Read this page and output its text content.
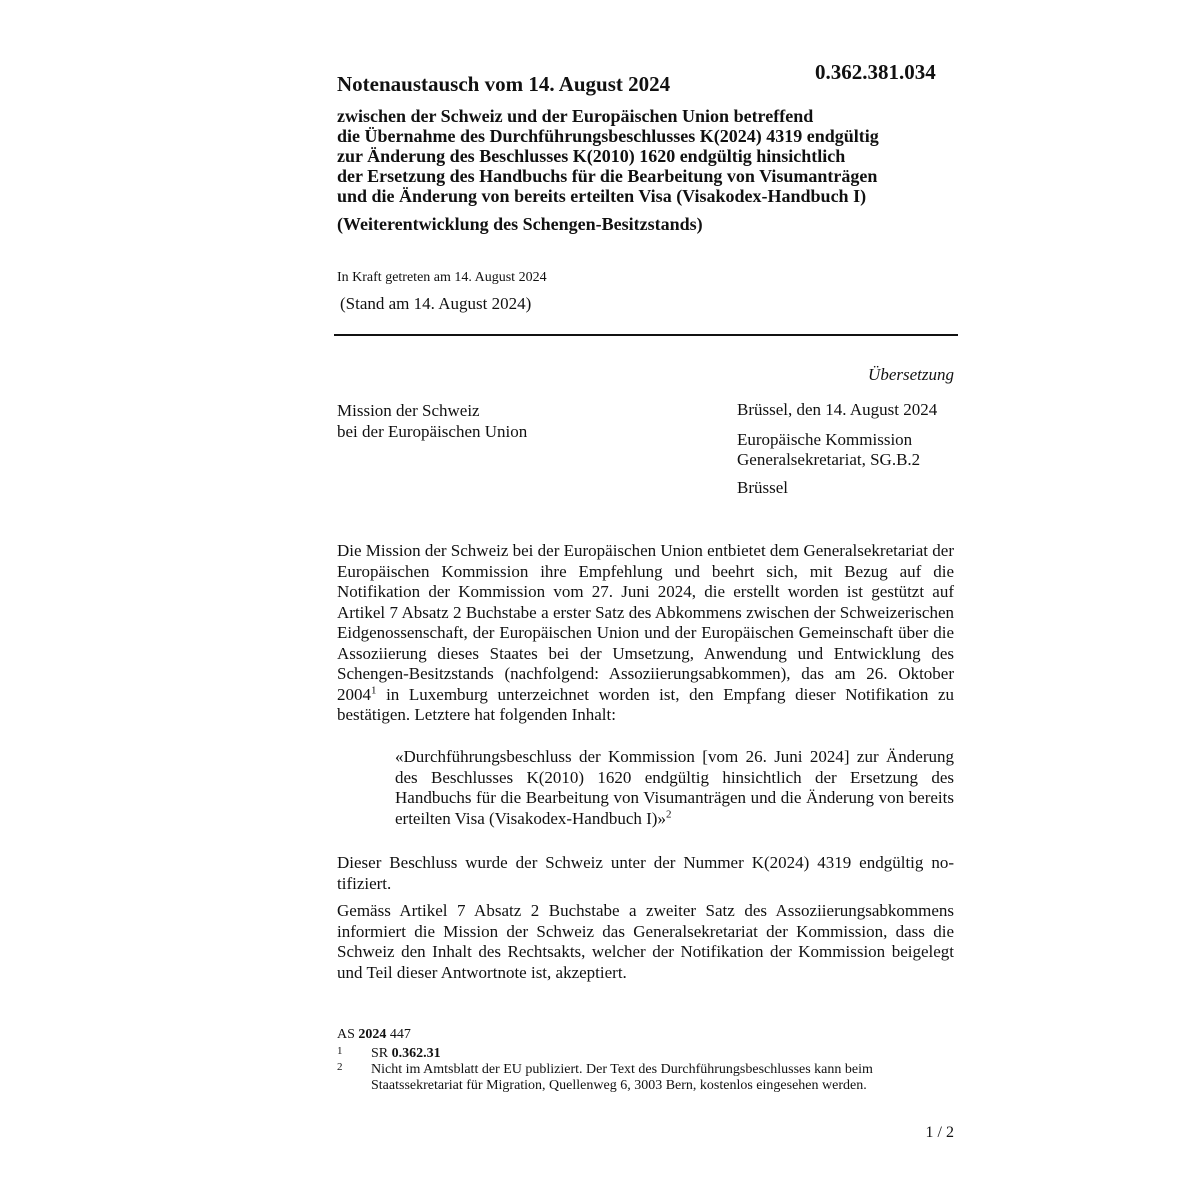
0.362.381.034
Notenaustausch vom 14. August 2024
zwischen der Schweiz und der Europäischen Union betreffend
die Übernahme des Durchführungsbeschlusses K(2024) 4319 endgültig
zur Änderung des Beschlusses K(2010) 1620 endgültig hinsichtlich
der Ersetzung des Handbuchs für die Bearbeitung von Visumanträgen
und die Änderung von bereits erteilten Visa (Visakodex-Handbuch I)
(Weiterentwicklung des Schengen-Besitzstands)
In Kraft getreten am 14. August 2024
(Stand am 14. August 2024)
Übersetzung
Mission der Schweiz
bei der Europäischen Union
Brüssel, den 14. August 2024
Europäische Kommission
Generalsekretariat, SG.B.2
Brüssel
Die Mission der Schweiz bei der Europäischen Union entbietet dem Generalsekretariat der Europäischen Kommission ihre Empfehlung und beehrt sich, mit Bezug auf die Notifikation der Kommission vom 27. Juni 2024, die erstellt worden ist gestützt auf Artikel 7 Absatz 2 Buchstabe a erster Satz des Abkommens zwischen der Schweizerischen Eidgenossenschaft, der Europäischen Union und der Europäischen Gemeinschaft über die Assoziierung dieses Staates bei der Umsetzung, Anwendung und Entwicklung des Schengen-Besitzstands (nachfolgend: Assoziierungsabkommen), das am 26. Oktober 2004$^1$ in Luxemburg unterzeichnet worden ist, den Empfang dieser Notifikation zu bestätigen. Letztere hat folgenden Inhalt:
«Durchführungsbeschluss der Kommission [vom 26. Juni 2024] zur Änderung des Beschlusses K(2010) 1620 endgültig hinsichtlich der Ersetzung des Handbuchs für die Bearbeitung von Visumanträgen und die Änderung von bereits erteilten Visa (Visakodex-Handbuch I)»$^2$
Dieser Beschluss wurde der Schweiz unter der Nummer K(2024) 4319 endgültig notifiziert.
Gemäss Artikel 7 Absatz 2 Buchstabe a zweiter Satz des Assoziierungsabkommens informiert die Mission der Schweiz das Generalsekretariat der Kommission, dass die Schweiz den Inhalt des Rechtsakts, welcher der Notifikation der Kommission beigelegt und Teil dieser Antwortnote ist, akzeptiert.
AS 2024 447
1 SR 0.362.31
2 Nicht im Amtsblatt der EU publiziert. Der Text des Durchführungsbeschlusses kann beim Staatssekretariat für Migration, Quellenweg 6, 3003 Bern, kostenlos eingesehen werden.
1 / 2
